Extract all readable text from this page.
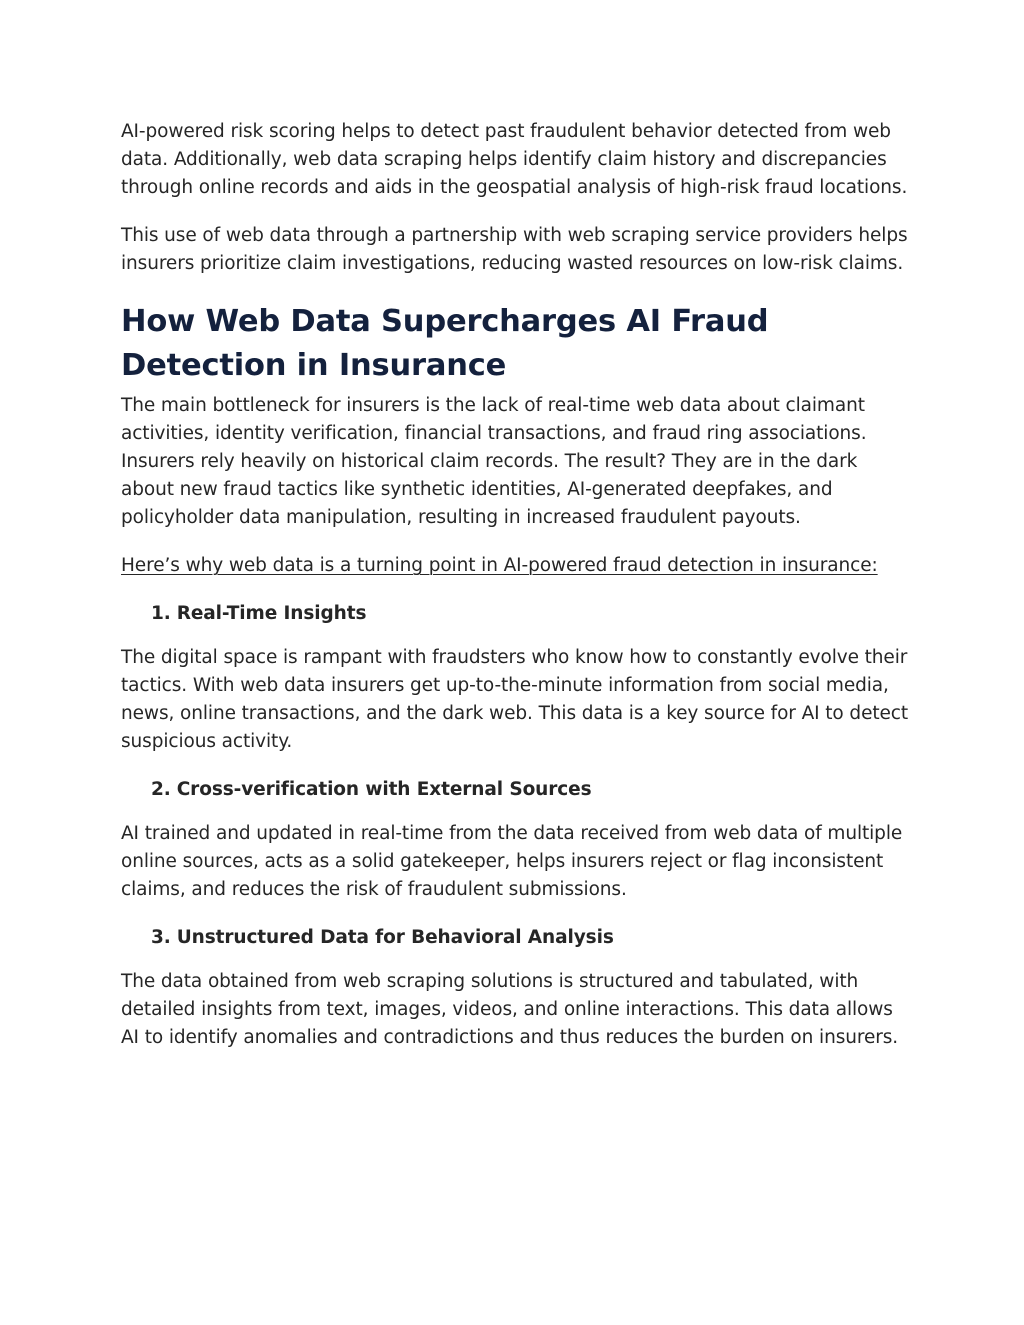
AI-powered risk scoring helps to detect past fraudulent behavior detected from web data. Additionally, web data scraping helps identify claim history and discrepancies through online records and aids in the geospatial analysis of high-risk fraud locations.

This use of web data through a partnership with web scraping service providers helps insurers prioritize claim investigations, reducing wasted resources on low-risk claims.

How Web Data Supercharges AI Fraud Detection in Insurance

The main bottleneck for insurers is the lack of real-time web data about claimant activities, identity verification, financial transactions, and fraud ring associations. Insurers rely heavily on historical claim records. The result? They are in the dark about new fraud tactics like synthetic identities, AI-generated deepfakes, and policyholder data manipulation, resulting in increased fraudulent payouts.

Here’s why web data is a turning point in AI-powered fraud detection in insurance:

1. Real-Time Insights

The digital space is rampant with fraudsters who know how to constantly evolve their tactics. With web data insurers get up-to-the-minute information from social media, news, online transactions, and the dark web. This data is a key source for AI to detect suspicious activity.

2. Cross-verification with External Sources

AI trained and updated in real-time from the data received from web data of multiple online sources, acts as a solid gatekeeper, helps insurers reject or flag inconsistent claims, and reduces the risk of fraudulent submissions.

3. Unstructured Data for Behavioral Analysis

The data obtained from web scraping solutions is structured and tabulated, with detailed insights from text, images, videos, and online interactions. This data allows AI to identify anomalies and contradictions and thus reduces the burden on insurers.
